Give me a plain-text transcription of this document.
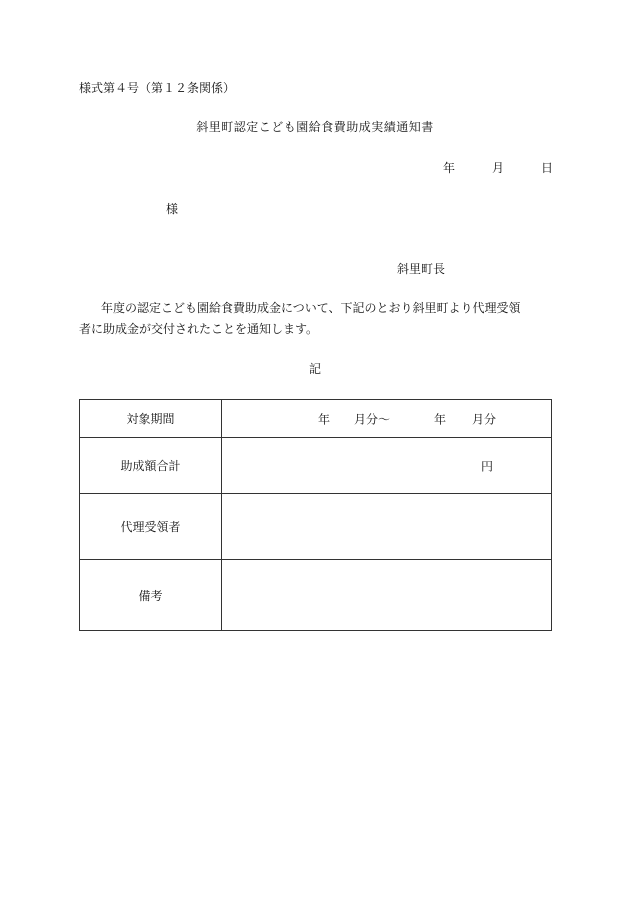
様式第４号（第１２条関係）
斜里町認定こども園給食費助成実績通知書
年	月	日
様
斜里町長
年度の認定こども園給食費助成金について、下記のとおり斜里町より代理受領
者に助成金が交付されたことを通知します。
記
対象期間	年 月分～ 年 月分

助成額合計	円

代理受領者	
備考	
